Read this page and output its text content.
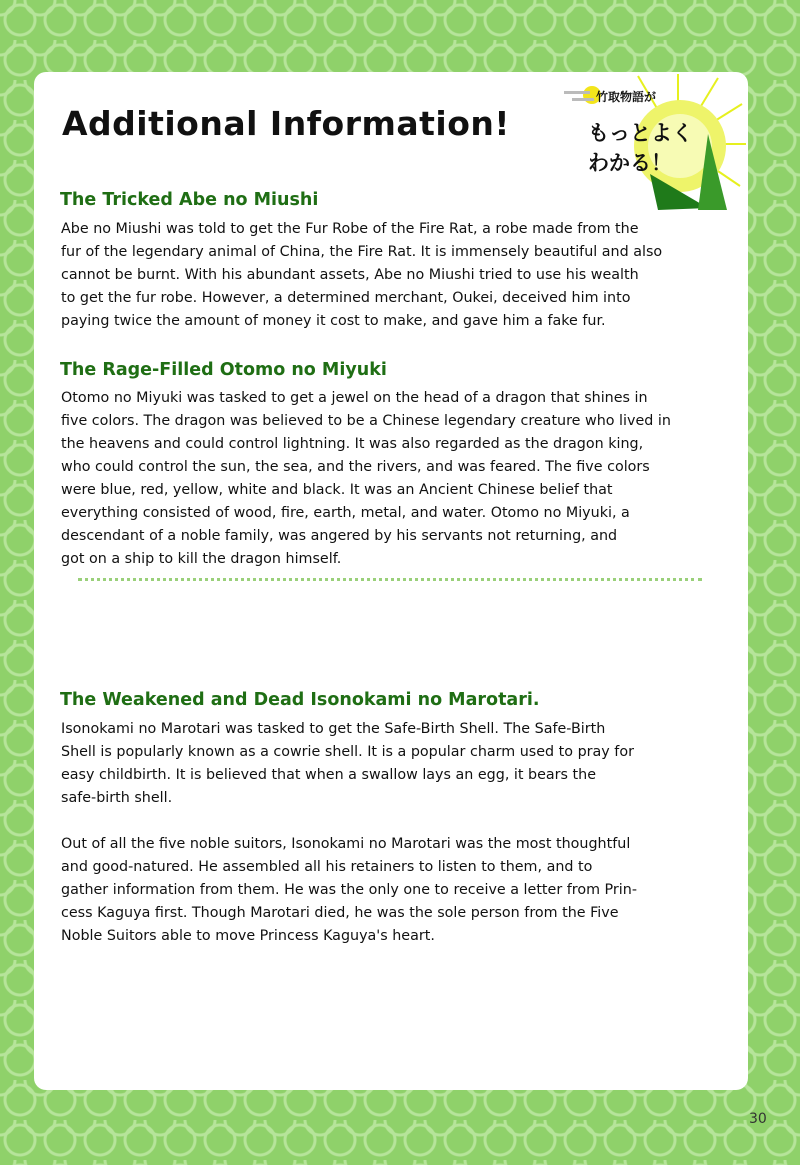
Additional Information!
竹取物語が
もっとよく
わかる！
The Tricked Abe no Miushi

Abe no Miushi was told to get the Fur Robe of the Fire Rat, a robe made from the
fur of the legendary animal of China, the Fire Rat. It is immensely beautiful and also
cannot be burnt. With his abundant assets, Abe no Miushi tried to use his wealth
to get the fur robe. However, a determined merchant, Oukei, deceived him into
paying twice the amount of money it cost to make, and gave him a fake fur.

The Rage-Filled Otomo no Miyuki

Otomo no Miyuki was tasked to get a jewel on the head of a dragon that shines in
five colors. The dragon was believed to be a Chinese legendary creature who lived in
the heavens and could control lightning. It was also regarded as the dragon king,
who could control the sun, the sea, and the rivers, and was feared. The five colors
were blue, red, yellow, white and black. It was an Ancient Chinese belief that
everything consisted of wood, fire, earth, metal, and water. Otomo no Miyuki, a
descendant of a noble family, was angered by his servants not returning, and
got on a ship to kill the dragon himself.

The Weakened and Dead Isonokami no Marotari.

Isonokami no Marotari was tasked to get the Safe-Birth Shell. The Safe-Birth
Shell is popularly known as a cowrie shell. It is a popular charm used to pray for
easy childbirth. It is believed that when a swallow lays an egg, it bears the
safe-birth shell.

Out of all the five noble suitors, Isonokami no Marotari was the most thoughtful
and good-natured. He assembled all his retainers to listen to them, and to
gather information from them. He was the only one to receive a letter from Prin-
cess Kaguya first. Though Marotari died, he was the sole person from the Five
Noble Suitors able to move Princess Kaguya's heart.

30
